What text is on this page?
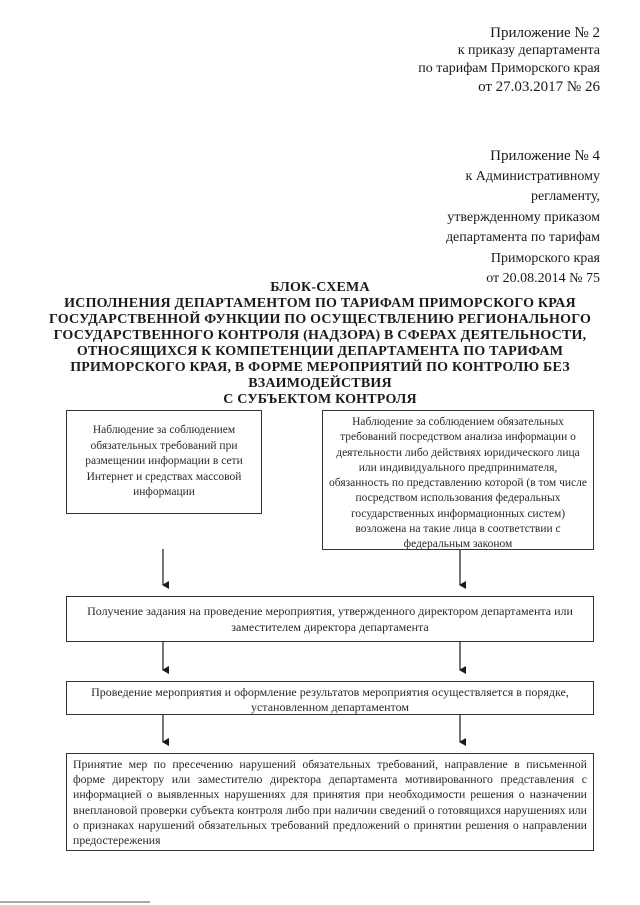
Приложение № 2
к приказу департамента
по тарифам Приморского края
от 27.03.2017 № 26
Приложение № 4
к Административному
регламенту,
утвержденному приказом
департамента по тарифам
Приморского края
от 20.08.2014 № 75
БЛОК-СХЕМА
ИСПОЛНЕНИЯ ДЕПАРТАМЕНТОМ ПО ТАРИФАМ ПРИМОРСКОГО КРАЯ
ГОСУДАРСТВЕННОЙ ФУНКЦИИ ПО ОСУЩЕСТВЛЕНИЮ РЕГИОНАЛЬНОГО
ГОСУДАРСТВЕННОГО КОНТРОЛЯ (НАДЗОРА) В СФЕРАХ ДЕЯТЕЛЬНОСТИ,
ОТНОСЯЩИХСЯ К КОМПЕТЕНЦИИ ДЕПАРТАМЕНТА ПО ТАРИФАМ
ПРИМОРСКОГО КРАЯ, В ФОРМЕ МЕРОПРИЯТИЙ ПО КОНТРОЛЮ БЕЗ
ВЗАИМОДЕЙСТВИЯ
С СУБЪЕКТОМ КОНТРОЛЯ
Наблюдение за соблюдением обязательных требований при размещении информации в сети Интернет и средствах массовой информации
Наблюдение за соблюдением обязательных требований посредством анализа информации о деятельности либо действиях юридического лица или индивидуального предпринимателя, обязанность по представлению которой (в том числе посредством использования федеральных государственных информационных систем) возложена на такие лица в соответствии с федеральным законом
Получение задания на проведение мероприятия, утвержденного директором департамента или заместителем директора департамента
Проведение мероприятия и оформление результатов мероприятия осуществляется в порядке, установленном департаментом
Принятие мер по пресечению нарушений обязательных требований, направление в письменной форме директору или заместителю директора департамента мотивированного представления с информацией о выявленных нарушениях для принятия при необходимости решения о назначении внеплановой проверки субъекта контроля либо при наличии сведений о готовящихся нарушениях или о признаках нарушений обязательных требований предложений о принятии решения о направлении предостережения
